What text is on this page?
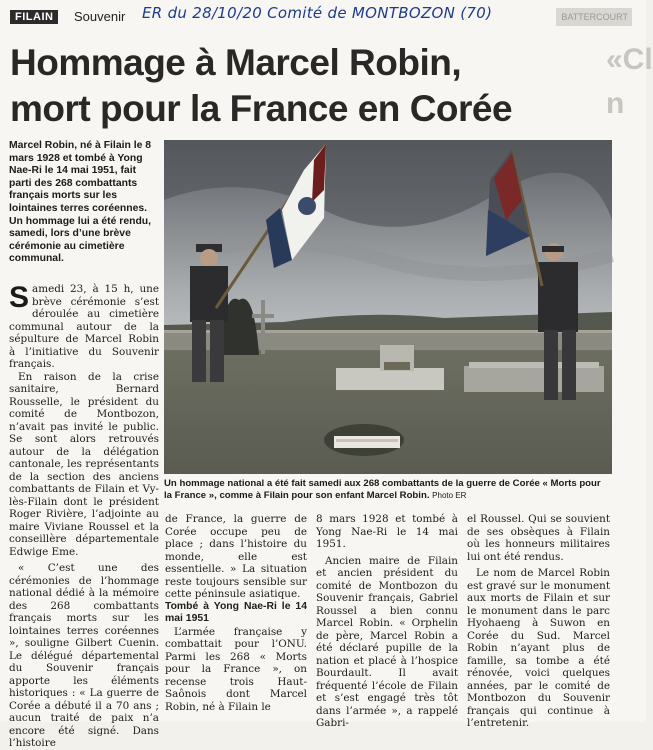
FILAIN	Souvenir ER du 28/10/20 Comité de MONTBOZON (70)	BATTERCOURT
«Cl
n
Hommage à Marcel Robin,
mort pour la France en Corée

Marcel Robin, né à Filain le 8 mars 1928 et tombé à Yong Nae-Ri le 14 mai 1951, fait parti des 268 combattants français morts sur les lointaines terres coréennes.

Un hommage lui a été rendu, samedi, lors d’une brève cérémonie au cimetière communal.

Samedi 23, à 15 h, une brève cérémonie s’est déroulée au cimetière communal autour de la sépulture de Marcel Robin à l’initiative du Souvenir français.

En raison de la crise sanitaire, Bernard Rousselle, le président du comité de Montbozon, n’avait pas invité le public. Se sont alors retrouvés autour de la délégation cantonale, les représentants de la section des anciens combattants de Filain et Vy-lès-Filain dont le président Roger Rivière, l’adjointe au maire Viviane Roussel et la conseillère départementale Edwige Eme.

« C’est une des cérémonies de l’hommage national dédié à la mémoire des 268 combattants français morts sur les lointaines terres coréennes », souligne Gilbert Cuenin. Le délégué départemental du Souvenir français apporte les éléments historiques : « La guerre de Corée a débuté il a 70 ans ; aucun traité de paix n’a encore été signé. Dans l’histoire

Un hommage national a été fait samedi aux 268 combattants de la guerre de Corée « Morts pour la France », comme à Filain pour son enfant Marcel Robin. Photo ER

de France, la guerre de Corée occupe peu de place ; dans l’histoire du monde, elle est essentielle. » La situation reste toujours sensible sur cette péninsule asiatique.

Tombé à Yong Nae-Ri le 14 mai 1951

L’armée française y combattait pour l’ONU. Parmi les 268 « Morts pour la France », on recense trois Haut-Saônois dont Marcel Robin, né à Filain le

8 mars 1928 et tombé à Yong Nae-Ri le 14 mai 1951.

Ancien maire de Filain et ancien président du comité de Montbozon du Souvenir français, Gabriel Roussel a bien connu Marcel Robin. « Orphelin de père, Marcel Robin a été déclaré pupille de la nation et placé à l’hospice Bourdault. Il avait fréquenté l’école de Filain et s’est engagé très tôt dans l’armée », a rappelé Gabri-

el Roussel. Qui se souvient de ses obsèques à Filain où les honneurs militaires lui ont été rendus.

Le nom de Marcel Robin est gravé sur le monument aux morts de Filain et sur le monument dans le parc Hyohaeng à Suwon en Corée du Sud. Marcel Robin n’ayant plus de famille, sa tombe a été rénovée, voici quelques années, par le comité de Montbozon du Souvenir français qui continue à l’entretenir.
